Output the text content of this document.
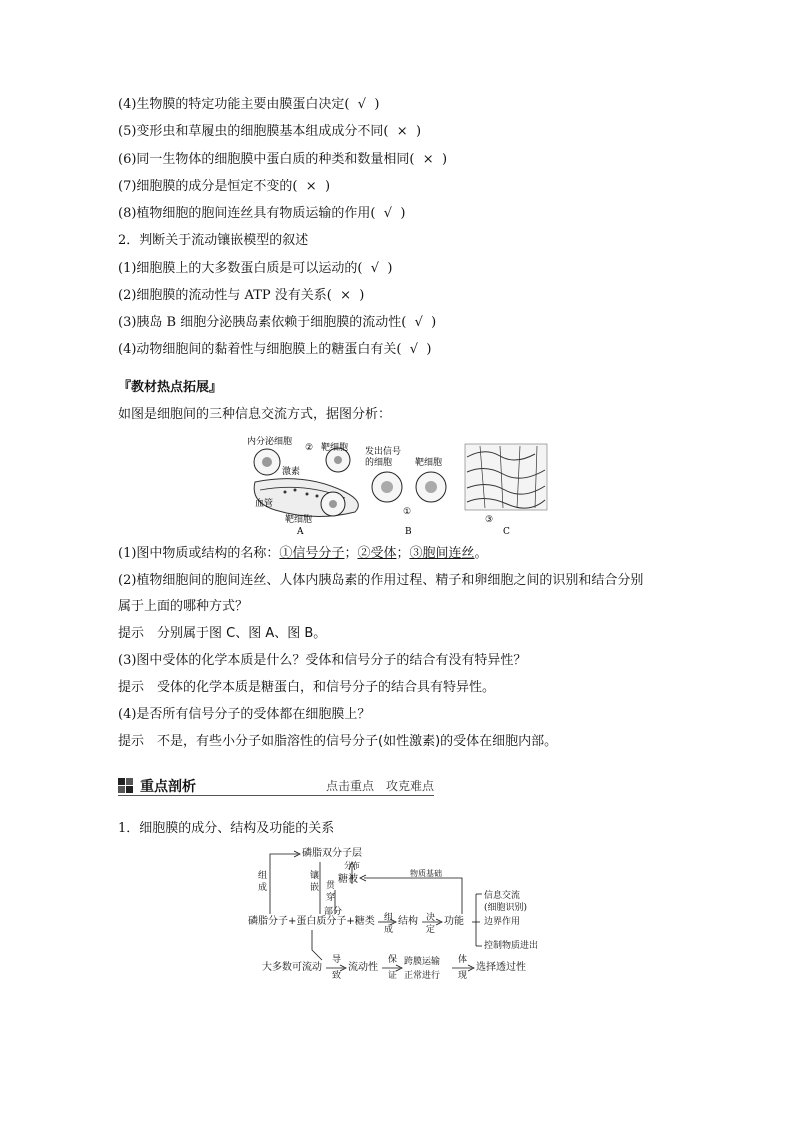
(4)生物膜的特定功能主要由膜蛋白决定( √ )
(5)变形虫和草履虫的细胞膜基本组成成分不同( × )
(6)同一生物体的细胞膜中蛋白质的种类和数量相同( × )
(7)细胞膜的成分是恒定不变的( × )
(8)植物细胞的胞间连丝具有物质运输的作用( √ )
2．判断关于流动镶嵌模型的叙述
(1)细胞膜上的大多数蛋白质是可以运动的( √ )
(2)细胞膜的流动性与 ATP 没有关系( × )
(3)胰岛 B 细胞分泌胰岛素依赖于细胞膜的流动性( √ )
(4)动物细胞间的黏着性与细胞膜上的糖蛋白有关( √ )
『教材热点拓展』
如图是细胞间的三种信息交流方式，据图分析：
内分泌细胞
② 靶细胞
激素
血管
靶细胞
A
发出信号
的细胞	靶细胞
①
B
③
C
(1)图中物质或结构的名称：①信号分子；②受体；③胞间连丝。
(2)植物细胞间的胞间连丝、人体内胰岛素的作用过程、精子和卵细胞之间的识别和结合分别
属于上面的哪种方式？
提示　分别属于图 C、图 A、图 B。
(3)图中受体的化学本质是什么？受体和信号分子的结合有没有特异性？
提示　受体的化学本质是糖蛋白，和信号分子的结合具有特异性。
(4)是否所有信号分子的受体都在细胞膜上？
提示　不是，有些小分子如脂溶性的信号分子(如性激素)的受体在细胞内部。
重点剖析	点击重点　攻克难点
1．细胞膜的成分、结构及功能的关系
磷脂双分子层
分布
组
成
镶
嵌 贯
穿
部分
糖被
物质基础
磷脂分子+蛋白质分子+糖类 组
成
结构 决
定
功能
信息交流
(细胞识别)
边界作用
控制物质进出
大多数可流动
导
致
流动性
保
证
跨膜运输
正常进行
体
现
选择透过性
